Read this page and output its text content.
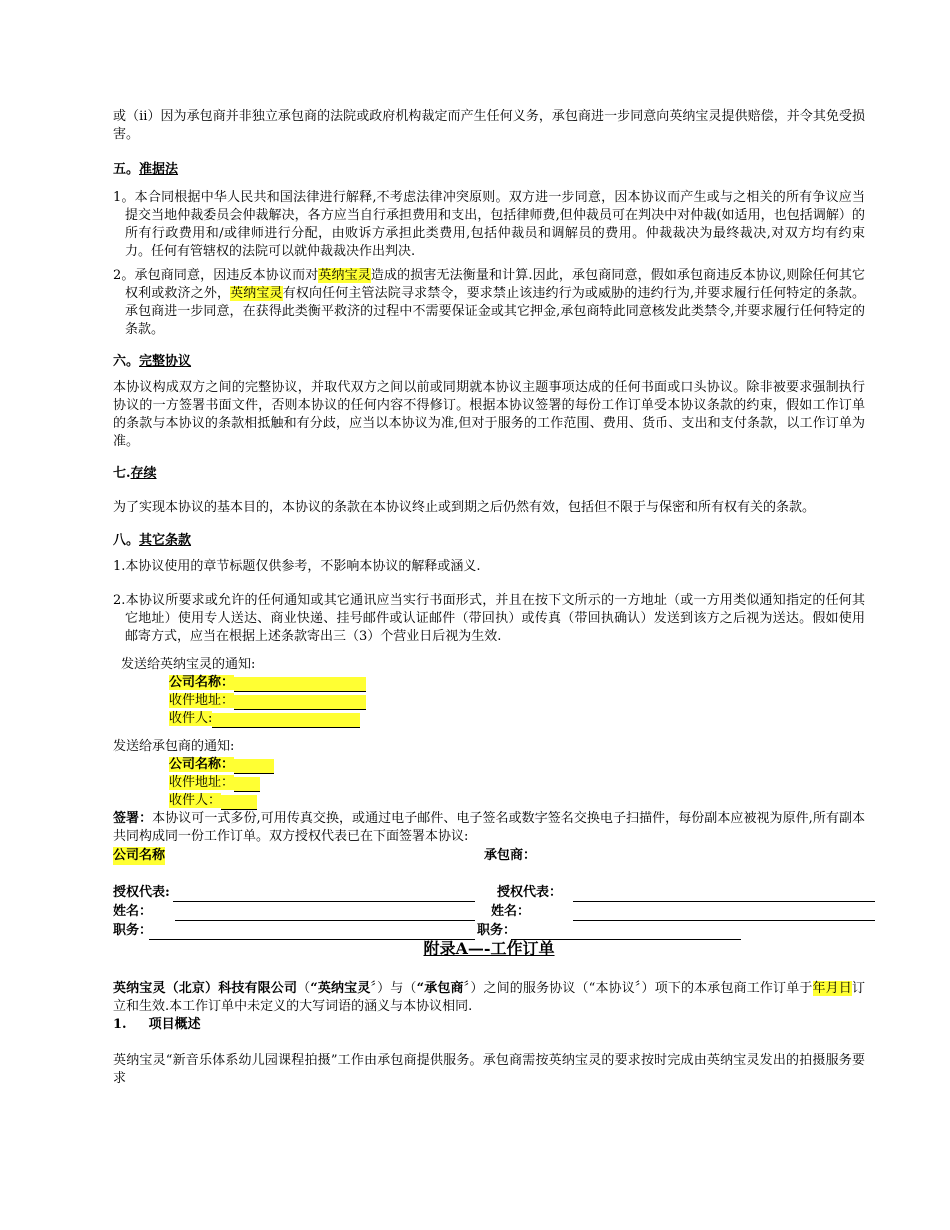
或（ii）因为承包商并非独立承包商的法院或政府机构裁定而产生任何义务，承包商进一步同意向英纳宝灵提供赔偿，并令其免受损害。

五。准据法

1。本合同根据中华人民共和国法律进行解释,不考虑法律冲突原则。双方进一步同意，因本协议而产生或与之相关的所有争议应当提交当地仲裁委员会仲裁解决，各方应当自行承担费用和支出，包括律师费,但仲裁员可在判决中对仲裁(如适用，也包括调解）的所有行政费用和/或律师进行分配，由败诉方承担此类费用,包括仲裁员和调解员的费用。仲裁裁决为最终裁决,对双方均有约束力。任何有管辖权的法院可以就仲裁裁决作出判决.

2。承包商同意，因违反本协议而对英纳宝灵造成的损害无法衡量和计算.因此，承包商同意，假如承包商违反本协议,则除任何其它权利或救济之外，英纳宝灵有权向任何主管法院寻求禁令，要求禁止该违约行为或威胁的违约行为,并要求履行任何特定的条款。承包商进一步同意，在获得此类衡平救济的过程中不需要保证金或其它押金,承包商特此同意核发此类禁令,并要求履行任何特定的条款。

六。完整协议

本协议构成双方之间的完整协议，并取代双方之间以前或同期就本协议主题事项达成的任何书面或口头协议。除非被要求强制执行协议的一方签署书面文件，否则本协议的任何内容不得修订。根据本协议签署的每份工作订单受本协议条款的约束，假如工作订单的条款与本协议的条款相抵触和有分歧，应当以本协议为准,但对于服务的工作范围、费用、货币、支出和支付条款，以工作订单为准。

七.存续

为了实现本协议的基本目的，本协议的条款在本协议终止或到期之后仍然有效，包括但不限于与保密和所有权有关的条款。

八。其它条款

1.本协议使用的章节标题仅供参考，不影响本协议的解释或涵义.

2.本协议所要求或允许的任何通知或其它通讯应当实行书面形式，并且在按下文所示的一方地址（或一方用类似通知指定的任何其它地址）使用专人送达、商业快递、挂号邮件或认证邮件（带回执）或传真（带回执确认）发送到该方之后视为送达。假如使用邮寄方式，应当在根据上述条款寄出三（3）个营业日后视为生效.

发送给英纳宝灵的通知:

公司名称：
收件地址：
收件人:

发送给承包商的通知:

公司名称：
收件地址：
收件人：

签署：本协议可一式多份,可用传真交换，或通过电子邮件、电子签名或数字签名交换电子扫描件，每份副本应被视为原件,所有副本共同构成同一份工作订单。双方授权代表已在下面签署本协议:

公司名称	承包商：
授权代表:	授权代表：
姓名：	姓名：
职务：	职务：

附录A—-工作订单

英纳宝灵（北京）科技有限公司（“英纳宝灵〞）与（“承包商〞）之间的服务协议（“本协议〞）项下的本承包商工作订单于年月日订立和生效.本工作订单中未定义的大写词语的涵义与本协议相同.

1. 项目概述

英纳宝灵“新音乐体系幼儿园课程拍摄”工作由承包商提供服务。承包商需按英纳宝灵的要求按时完成由英纳宝灵发出的拍摄服务要求
